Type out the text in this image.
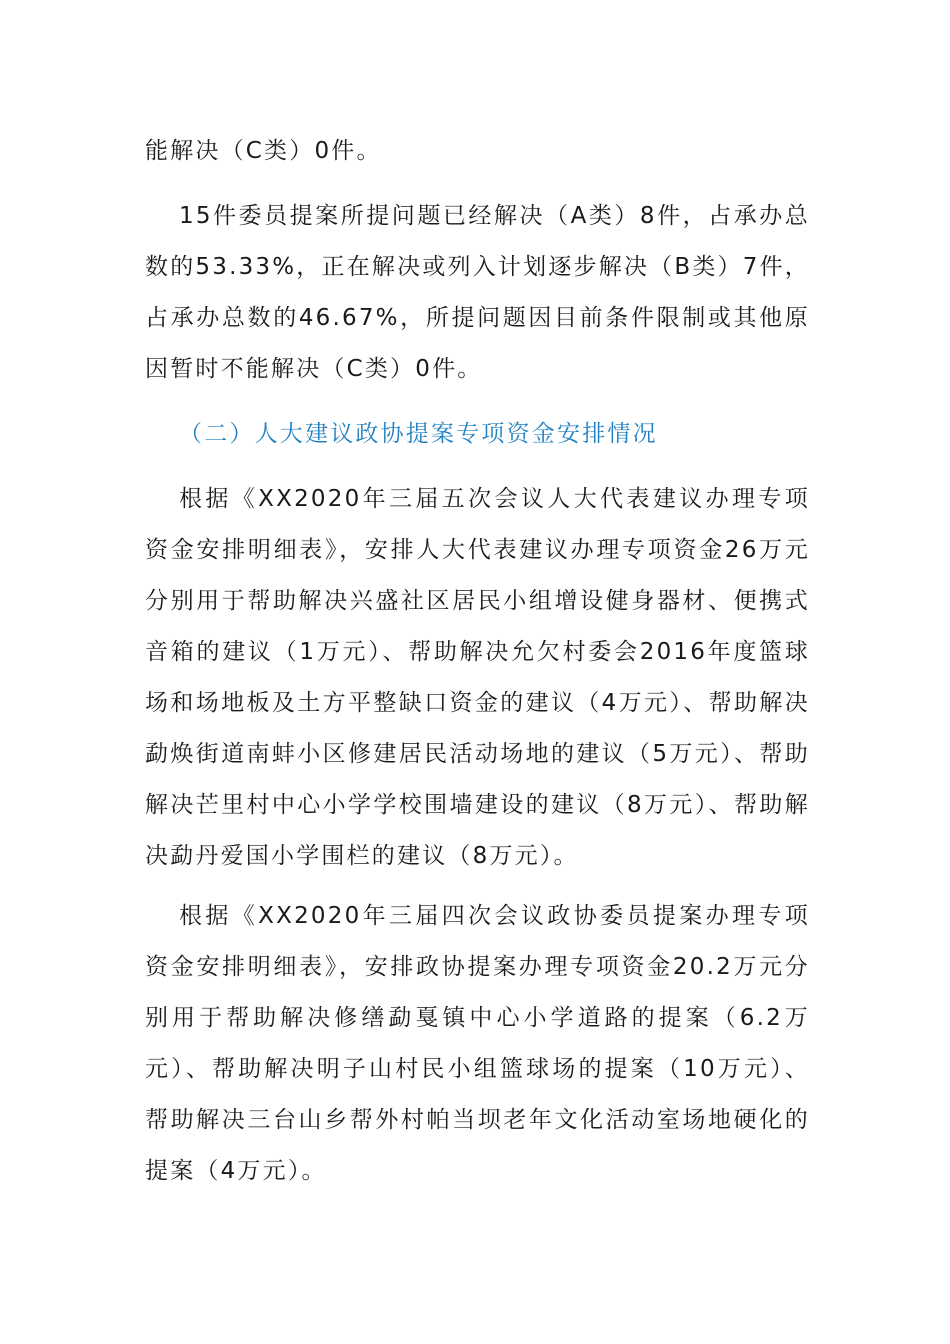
能解决（C类）0件。

15件委员提案所提问题已经解决（A类）8件，占承办总数的53.33%，正在解决或列入计划逐步解决（B类）7件，占承办总数的46.67%，所提问题因目前条件限制或其他原因暂时不能解决（C类）0件。

（二）人大建议政协提案专项资金安排情况

根据《XX2020年三届五次会议人大代表建议办理专项资金安排明细表》，安排人大代表建议办理专项资金26万元分别用于帮助解决兴盛社区居民小组增设健身器材、便携式音箱的建议（1万元）、帮助解决允欠村委会2016年度篮球场和场地板及土方平整缺口资金的建议（4万元）、帮助解决勐焕街道南蚌小区修建居民活动场地的建议（5万元）、帮助解决芒里村中心小学学校围墙建设的建议（8万元）、帮助解决勐丹爱国小学围栏的建议（8万元）。

根据《XX2020年三届四次会议政协委员提案办理专项资金安排明细表》，安排政协提案办理专项资金20.2万元分别用于帮助解决修缮勐戛镇中心小学道路的提案（6.2万元）、帮助解决明子山村民小组篮球场的提案（10万元）、帮助解决三台山乡帮外村帕当坝老年文化活动室场地硬化的提案（4万元）。
